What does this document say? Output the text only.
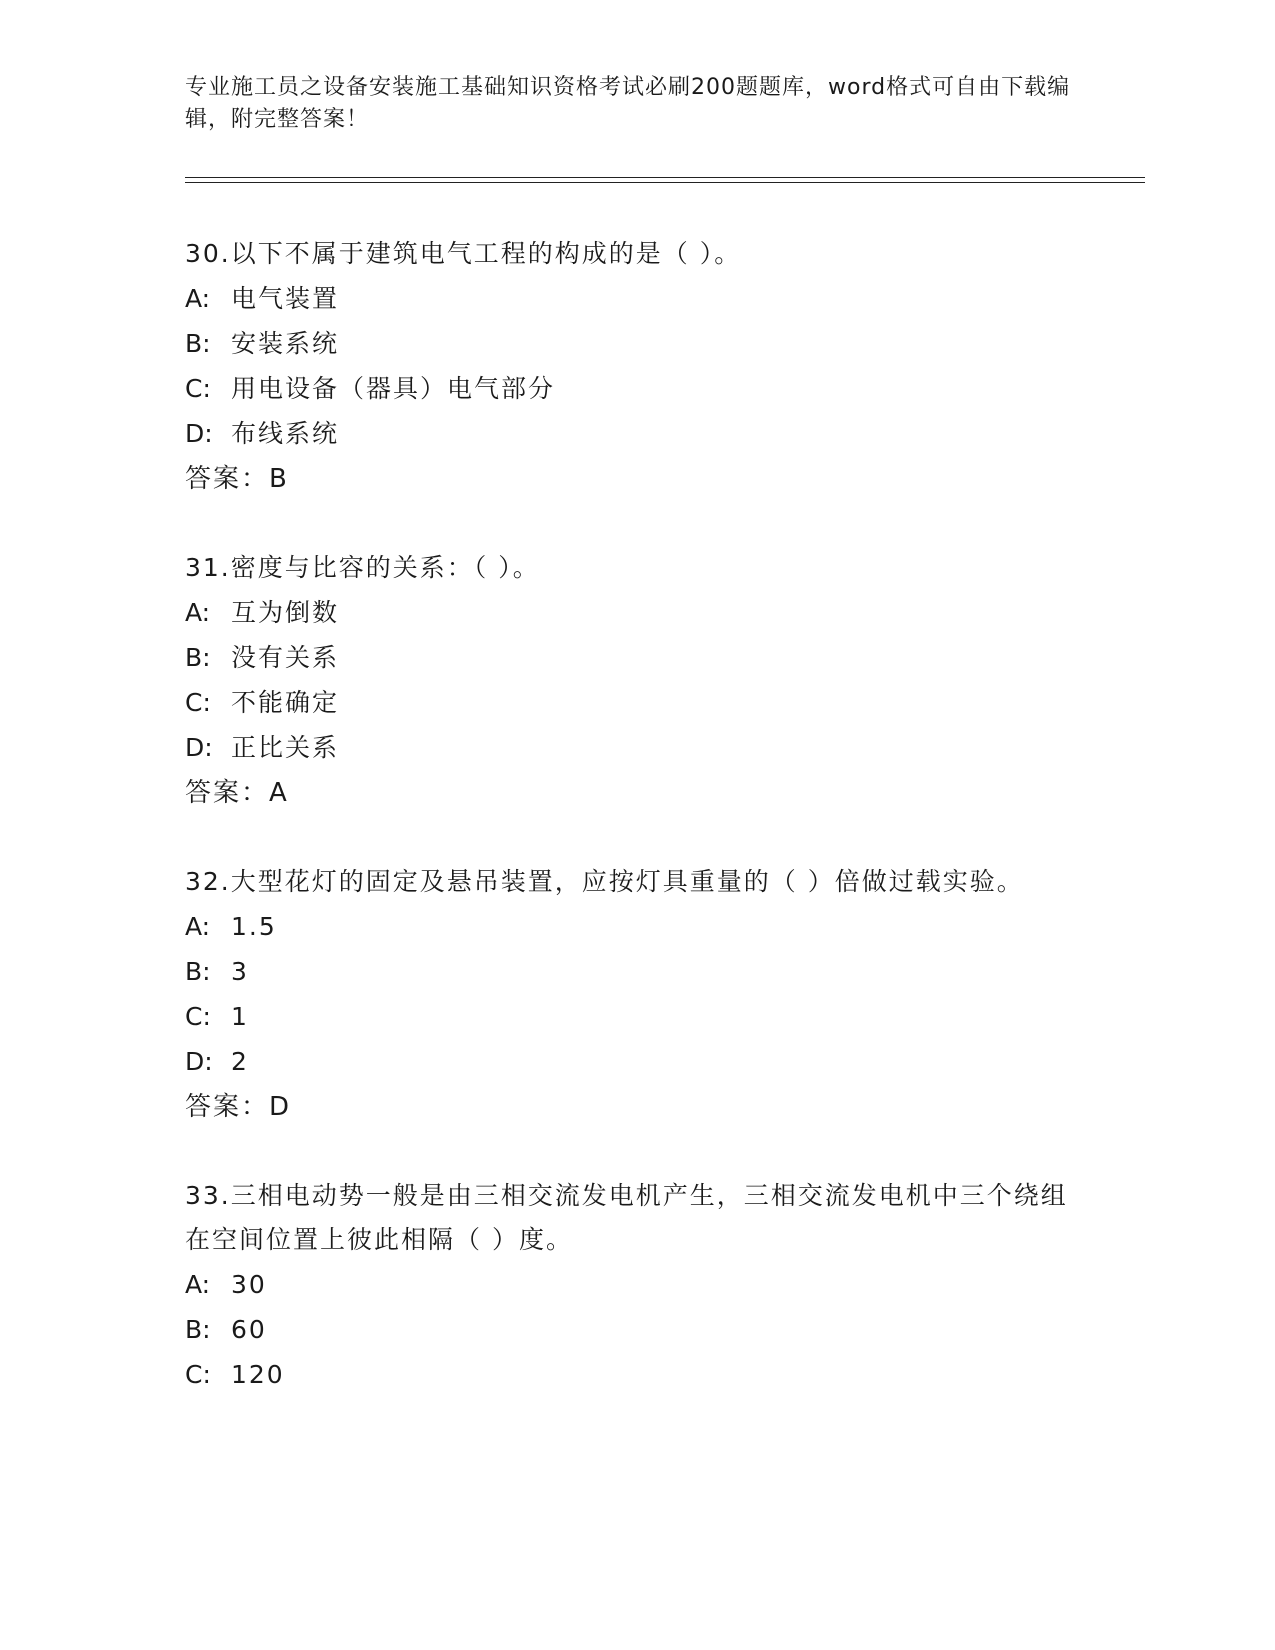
专业施工员之设备安装施工基础知识资格考试必刷200题题库，word格式可自由下载编辑，附完整答案！

30.以下不属于建筑电气工程的构成的是（ ）。

A: 电气装置

B: 安装系统

C: 用电设备（器具）电气部分

D: 布线系统

答案：B

31.密度与比容的关系：（ ）。

A: 互为倒数

B: 没有关系

C: 不能确定

D: 正比关系

答案：A

32.大型花灯的固定及悬吊装置，应按灯具重量的（ ）倍做过载实验。

A: 1.5

B: 3

C: 1

D: 2

答案：D

33.三相电动势一般是由三相交流发电机产生，三相交流发电机中三个绕组在空间位置上彼此相隔（ ）度。

A: 30

B: 60

C: 120
